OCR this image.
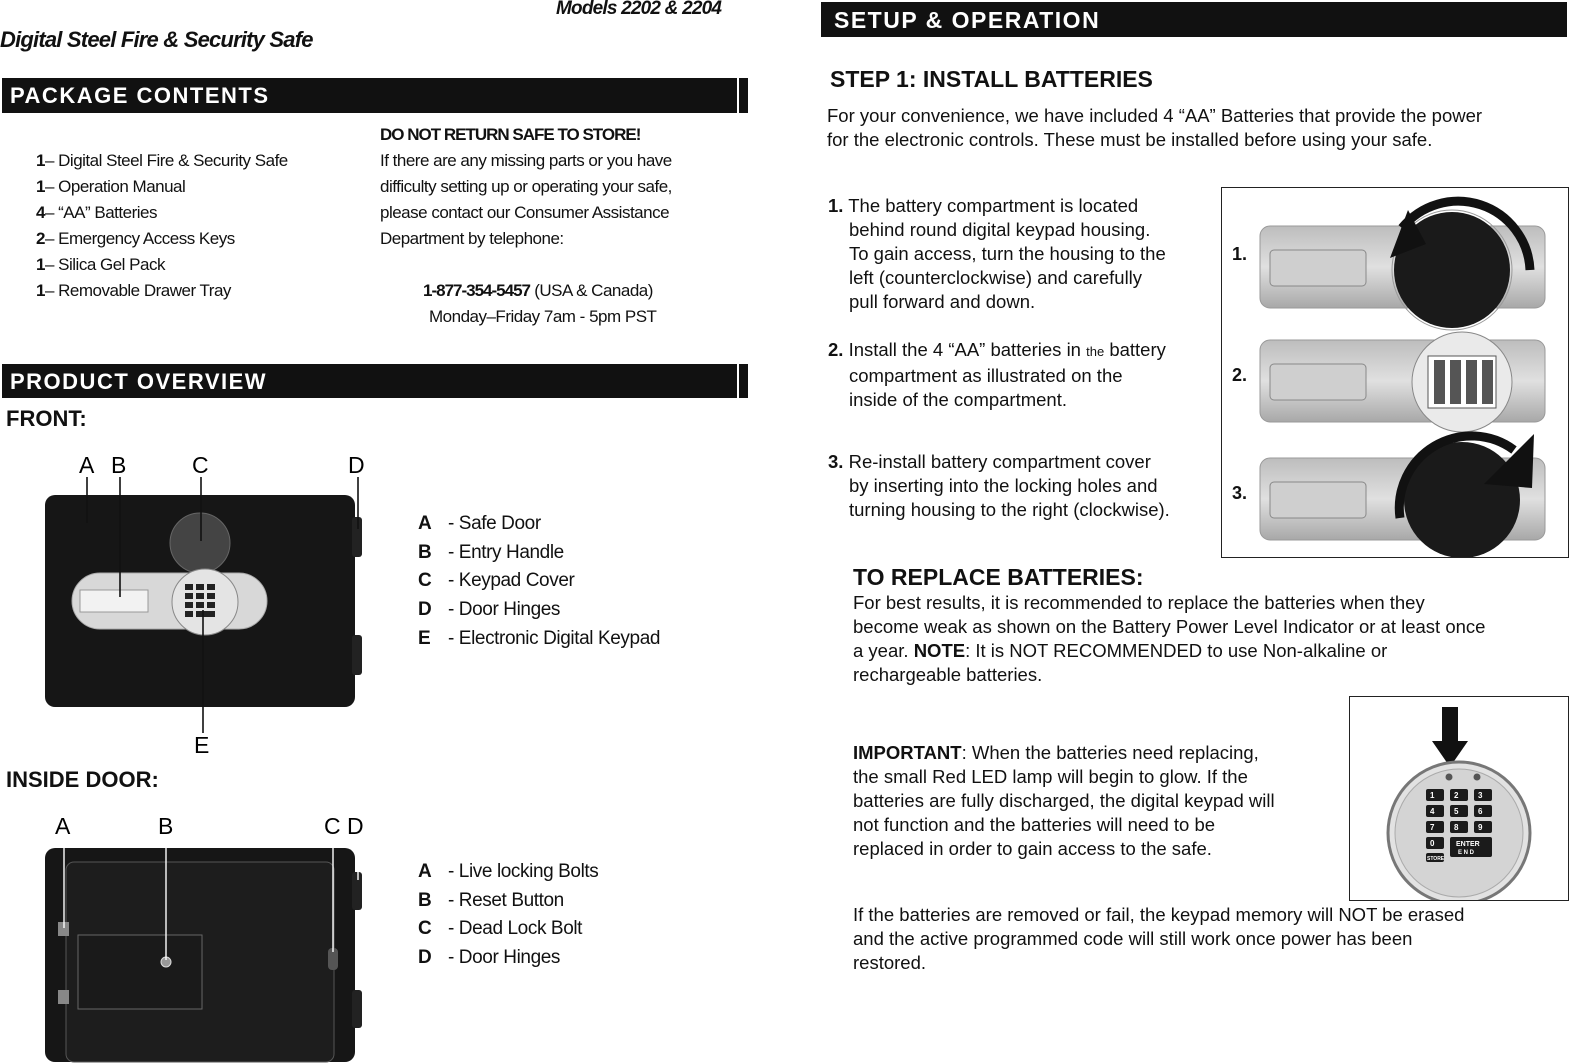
Models 2202 & 2204
Digital Steel Fire & Security Safe
PACKAGE CONTENTS
1– Digital Steel Fire & Security Safe
1– Operation Manual
4– “AA” Batteries
2– Emergency Access Keys
1– Silica Gel Pack
1– Removable Drawer Tray
DO NOT RETURN SAFE TO STORE!
If there are any missing parts or you have
difficulty setting up or operating your safe,
please contact our Consumer Assistance
Department by telephone:
1-877-354-5457 (USA & Canada)
Monday–Friday 7am - 5pm PST
PRODUCT OVERVIEW
FRONT:
A B	C	D
E
A - Safe Door
B - Entry Handle
C - Keypad Cover
D - Door Hinges
E - Electronic Digital Keypad
INSIDE DOOR:
A	B	C D
A - Live locking Bolts
B - Reset Button
C - Dead Lock Bolt
D - Door Hinges
SETUP & OPERATION
STEP 1: INSTALL BATTERIES
For your convenience, we have included 4 “AA” Batteries that provide the power
for the electronic controls. These must be installed before using your safe.
1. The battery compartment is located
behind round digital keypad housing.
To gain access, turn the housing to the
left (counterclockwise) and carefully
pull forward and down.
2. Install the 4 “AA” batteries in the battery
compartment as illustrated on the
inside of the compartment.
3. Re-install battery compartment cover
by inserting into the locking holes and
turning housing to the right (clockwise).
1.
2.
3.
TO REPLACE BATTERIES:
For best results, it is recommended to replace the batteries when they
become weak as shown on the Battery Power Level Indicator or at least once
a year. NOTE: It is NOT RECOMMENDED to use Non-alkaline or
rechargeable batteries.
IMPORTANT: When the batteries need replacing,
the small Red LED lamp will begin to glow. If the
batteries are fully discharged, the digital keypad will
not function and the batteries will need to be
replaced in order to gain access to the safe.
1 2 3
4 5 6
7 8 9
0	ENTER
E N D
STORE
If the batteries are removed or fail, the keypad memory will NOT be erased
and the active programmed code will still work once power has been
restored.
